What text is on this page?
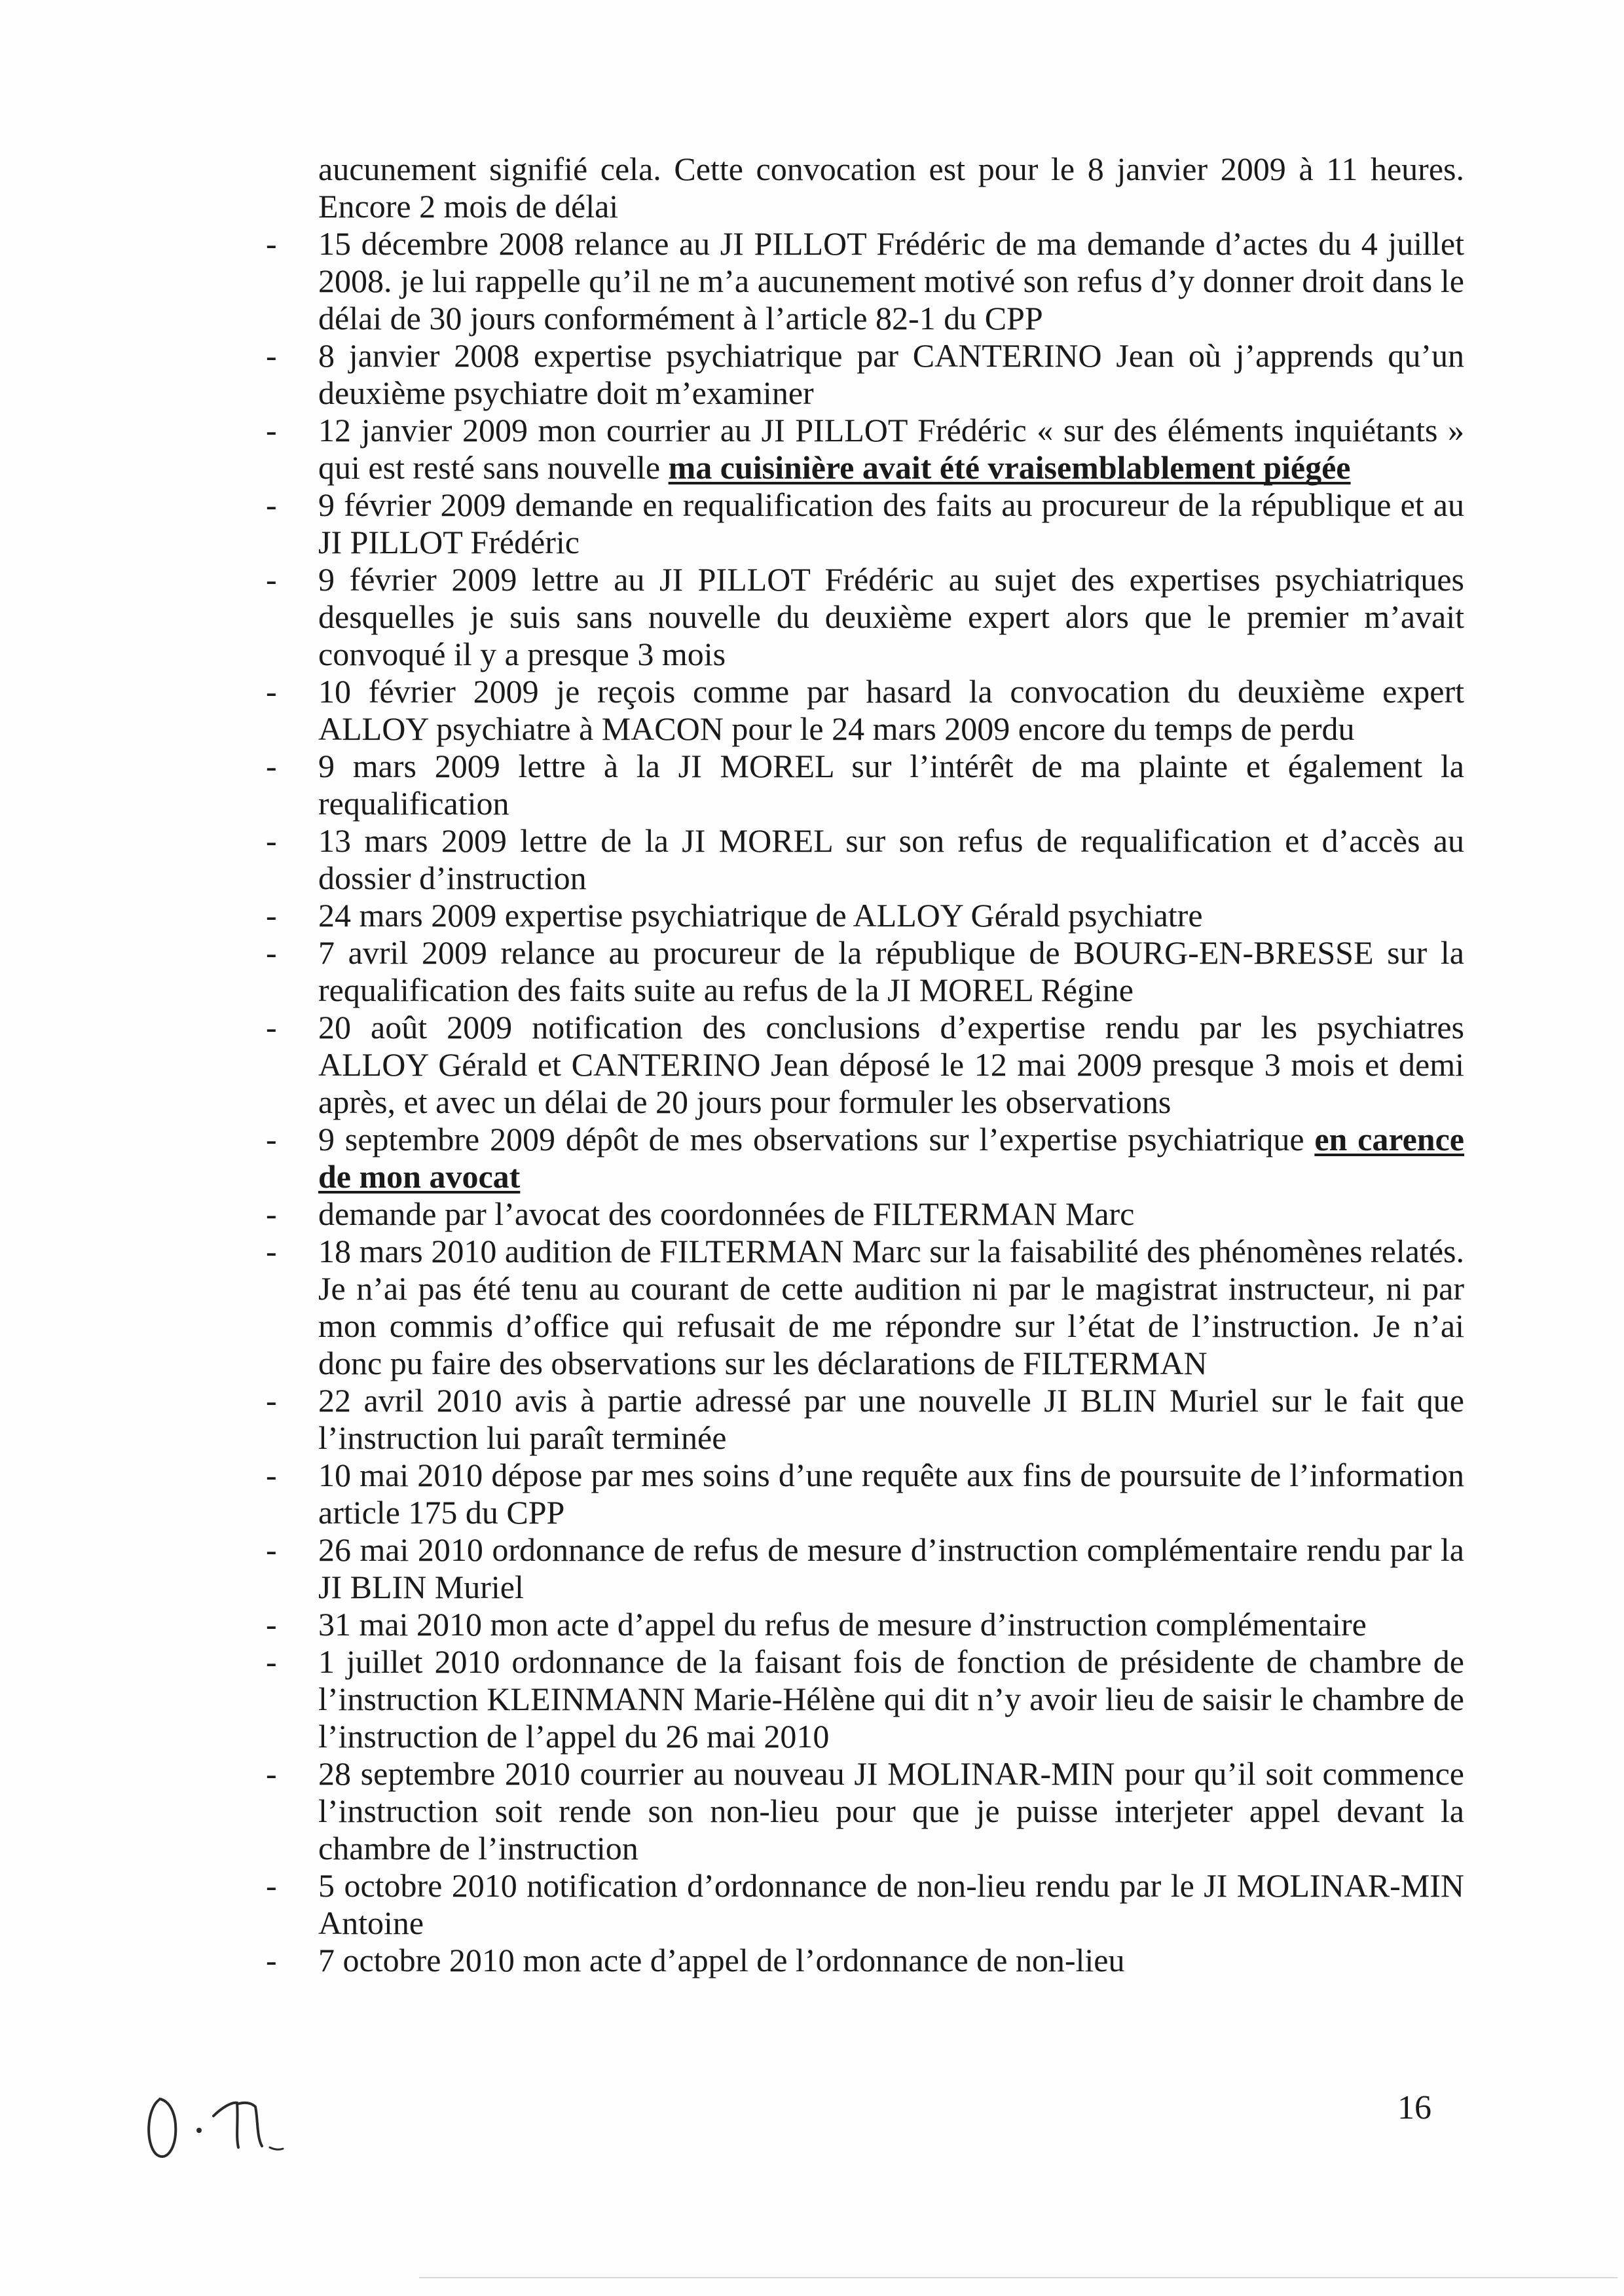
aucunement signifié cela. Cette convocation est pour le 8 janvier 2009 à 11 heures. Encore 2 mois de délai
-	15 décembre 2008 relance au JI PILLOT Frédéric de ma demande d’actes du 4 juillet 2008. je lui rappelle qu’il ne m’a aucunement motivé son refus d’y donner droit dans le délai de 30 jours conformément à l’article 82-1 du CPP
-	8 janvier 2008 expertise psychiatrique par CANTERINO Jean où j’apprends qu’un deuxième psychiatre doit m’examiner
-	12 janvier 2009 mon courrier au JI PILLOT Frédéric « sur des éléments inquiétants » qui est resté sans nouvelle ma cuisinière avait été vraisemblablement piégée
-	9 février 2009 demande en requalification des faits au procureur de la république et au JI PILLOT Frédéric
-	9 février 2009 lettre au JI PILLOT Frédéric au sujet des expertises psychiatriques desquelles je suis sans nouvelle du deuxième expert alors que le premier m’avait convoqué il y a presque 3 mois
-	10 février 2009 je reçois comme par hasard la convocation du deuxième expert ALLOY psychiatre à MACON pour le 24 mars 2009 encore du temps de perdu
-	9 mars 2009 lettre à la JI MOREL sur l’intérêt de ma plainte et également la requalification
-	13 mars 2009 lettre de la JI MOREL sur son refus de requalification et d’accès au dossier d’instruction
-	24 mars 2009 expertise psychiatrique de ALLOY Gérald psychiatre
-	7 avril 2009 relance au procureur de la république de BOURG-EN-BRESSE sur la requalification des faits suite au refus de la JI MOREL Régine
-	20 août 2009 notification des conclusions d’expertise rendu par les psychiatres ALLOY Gérald et CANTERINO Jean déposé le 12 mai 2009 presque 3 mois et demi après, et avec un délai de 20 jours pour formuler les observations
-	9 septembre 2009 dépôt de mes observations sur l’expertise psychiatrique en carence de mon avocat
-	demande par l’avocat des coordonnées de FILTERMAN Marc
-	18 mars 2010 audition de FILTERMAN Marc sur la faisabilité des phénomènes relatés. Je n’ai pas été tenu au courant de cette audition ni par le magistrat instructeur, ni par mon commis d’office qui refusait de me répondre sur l’état de l’instruction. Je n’ai donc pu faire des observations sur les déclarations de FILTERMAN
-	22 avril 2010 avis à partie adressé par une nouvelle JI BLIN Muriel sur le fait que l’instruction lui paraît terminée
-	10 mai 2010 dépose par mes soins d’une requête aux fins de poursuite de l’information article 175 du CPP
-	26 mai 2010 ordonnance de refus de mesure d’instruction complémentaire rendu par la JI BLIN Muriel
-	31 mai 2010 mon acte d’appel du refus de mesure d’instruction complémentaire
-	1 juillet 2010 ordonnance de la faisant fois de fonction de présidente de chambre de l’instruction KLEINMANN Marie-Hélène qui dit n’y avoir lieu de saisir le chambre de l’instruction de l’appel du 26 mai 2010
-	28 septembre 2010 courrier au nouveau JI MOLINAR-MIN pour qu’il soit commence l’instruction soit rende son non-lieu pour que je puisse interjeter appel devant la chambre de l’instruction
-	5 octobre 2010 notification d’ordonnance de non-lieu rendu par le JI MOLINAR-MIN Antoine
-	7 octobre 2010 mon acte d’appel de l’ordonnance de non-lieu
16
